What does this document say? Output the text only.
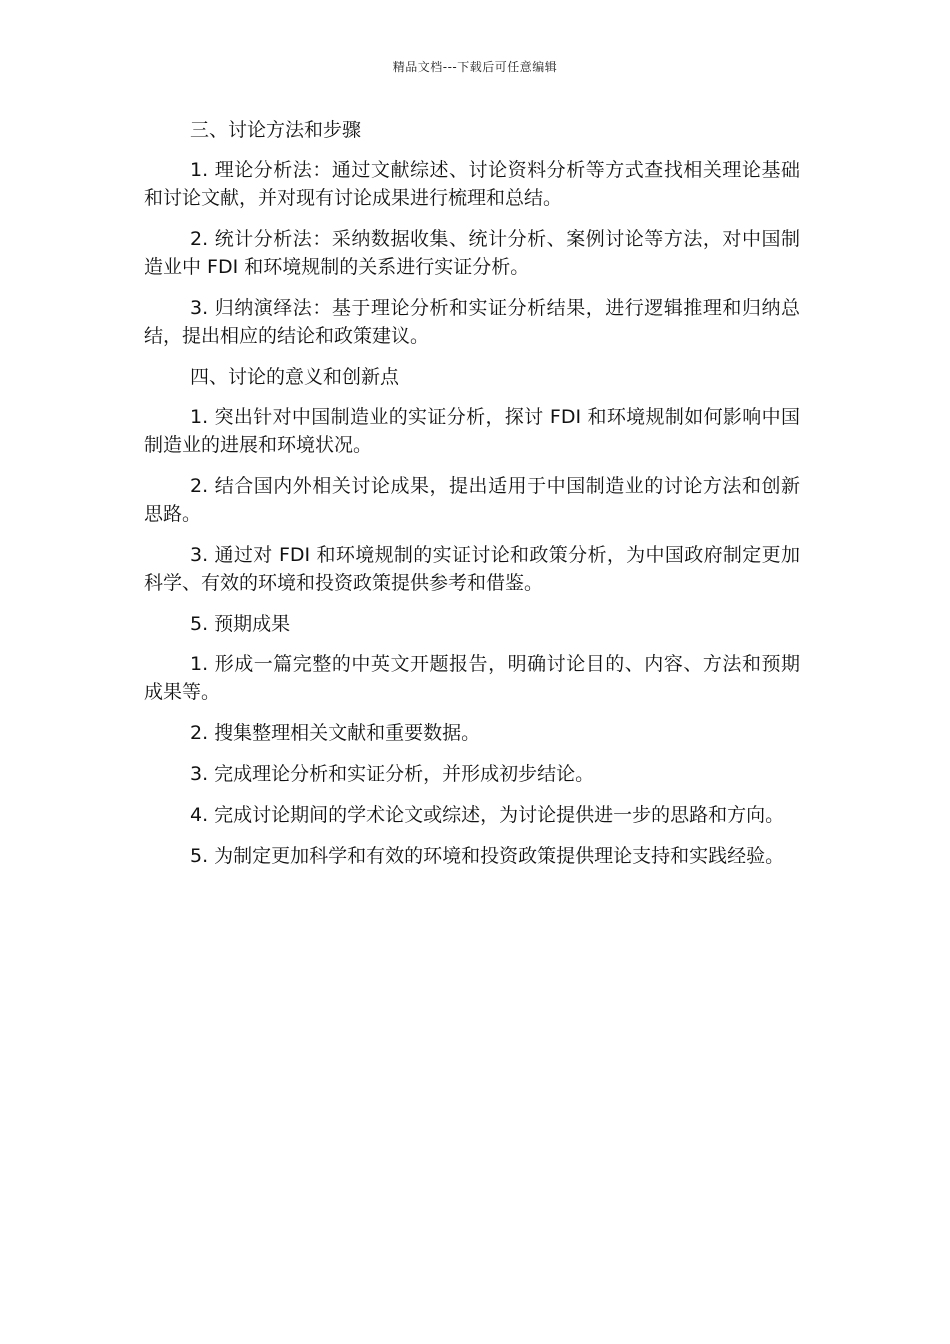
精品文档---下载后可任意编辑

三、讨论方法和步骤

1. 理论分析法：通过文献综述、讨论资料分析等方式查找相关理论基础和讨论文献，并对现有讨论成果进行梳理和总结。

2. 统计分析法：采纳数据收集、统计分析、案例讨论等方法，对中国制造业中 FDI 和环境规制的关系进行实证分析。

3. 归纳演绎法：基于理论分析和实证分析结果，进行逻辑推理和归纳总结，提出相应的结论和政策建议。

四、讨论的意义和创新点

1. 突出针对中国制造业的实证分析，探讨 FDI 和环境规制如何影响中国制造业的进展和环境状况。

2. 结合国内外相关讨论成果，提出适用于中国制造业的讨论方法和创新思路。

3. 通过对 FDI 和环境规制的实证讨论和政策分析，为中国政府制定更加科学、有效的环境和投资政策提供参考和借鉴。

5. 预期成果

1. 形成一篇完整的中英文开题报告，明确讨论目的、内容、方法和预期成果等。

2. 搜集整理相关文献和重要数据。

3. 完成理论分析和实证分析，并形成初步结论。

4. 完成讨论期间的学术论文或综述，为讨论提供进一步的思路和方向。

5. 为制定更加科学和有效的环境和投资政策提供理论支持和实践经验。
